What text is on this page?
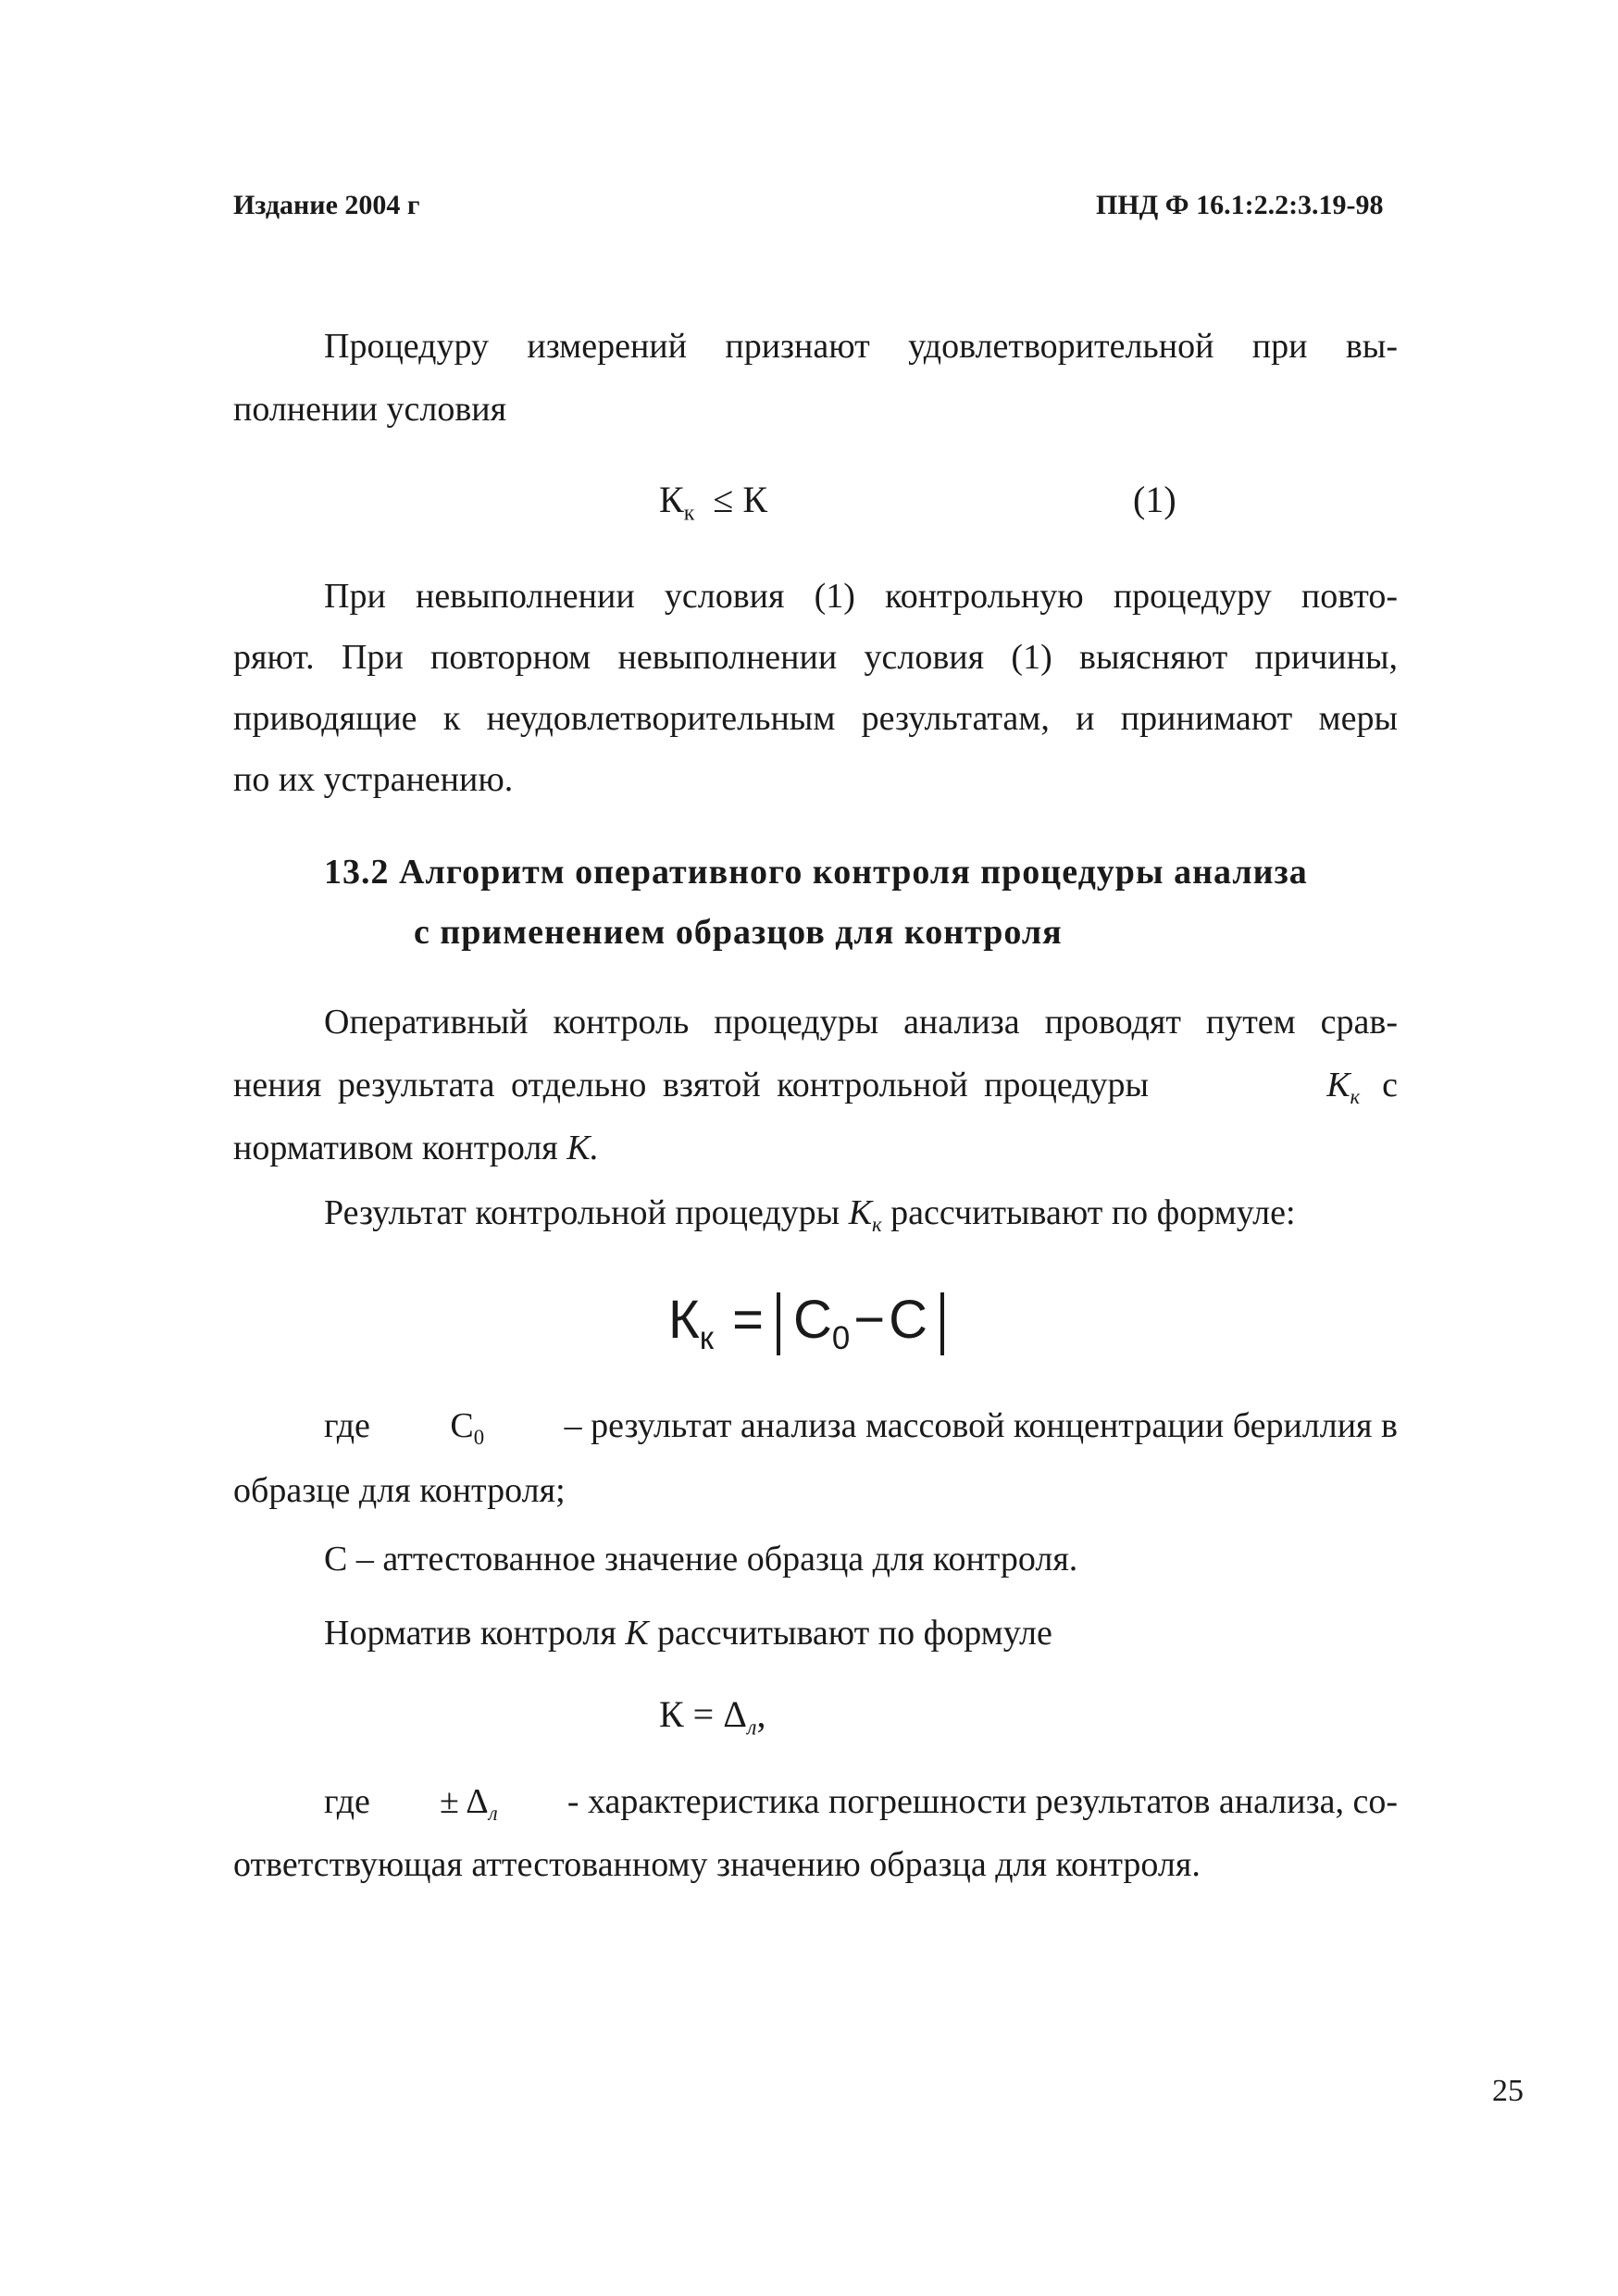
Издание 2004 г	ПНД Ф 16.1:2.2:3.19-98
Процедуру измерений признают удовлетворительной при вы-
полнении условия
$К_к \le К$	(1)
При невыполнении условия (1) контрольную процедуру повто-
ряют. При повторном невыполнении условия (1) выясняют причины,
приводящие к неудовлетворительным результатам, и принимают меры
по их устранению.
13.2 Алгоритм оперативного контроля процедуры анализа
с применением образцов для контроля
Оперативный контроль процедуры анализа проводят путем срав-
нения результата отдельно взятой контрольной процедуры	$К_к$ с
нормативом контроля К.
Результат контрольной процедуры $К_к$ рассчитывают по формуле:
$К_к = С_0-С$
где $С_0$ – результат анализа массовой концентрации бериллия в
образце для контроля;
С – аттестованное значение образца для контроля.
Норматив контроля К рассчитывают по формуле
$К = \Delta_л$,
где ± $\Delta_л$ - характеристика погрешности результатов анализа, со-
ответствующая аттестованному значению образца для контроля.
25
